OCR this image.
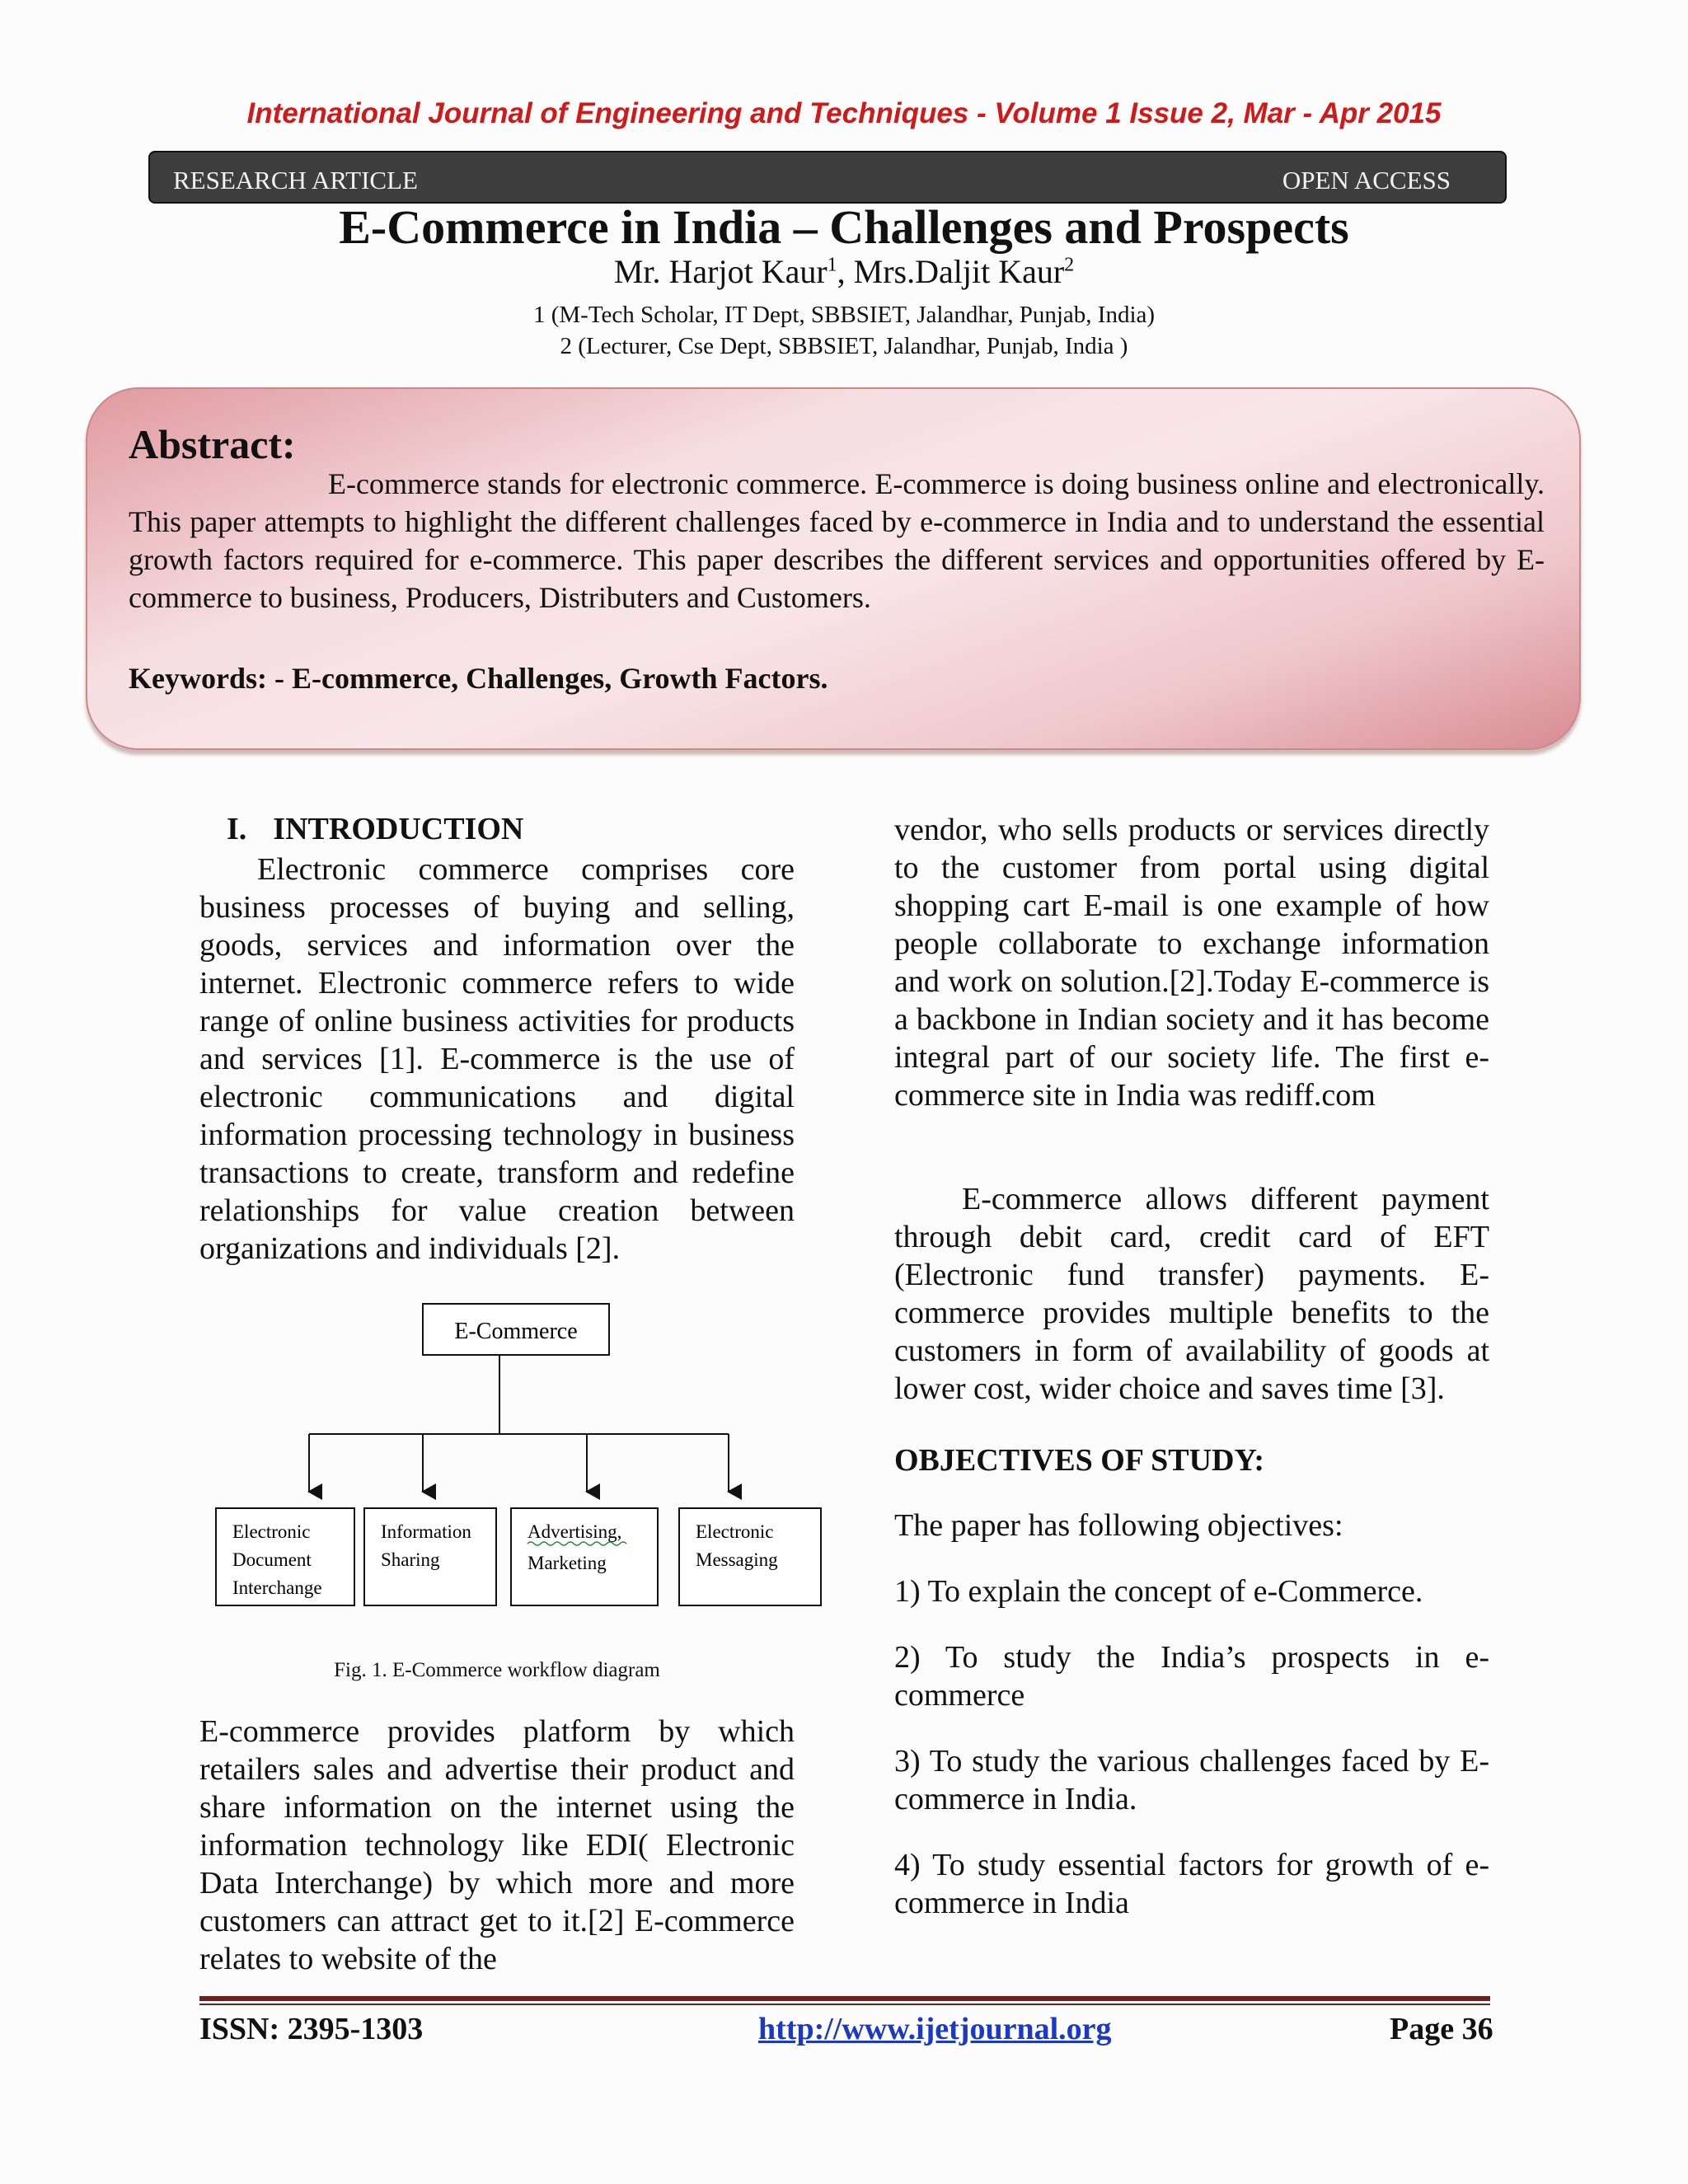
International Journal of Engineering and Techniques - Volume 1 Issue 2, Mar - Apr 2015
RESEARCH ARTICLE	OPEN ACCESS
E-Commerce in India – Challenges and Prospects
Mr. Harjot Kaur$^1$, Mrs.Daljit Kaur$^2$
1 (M-Tech Scholar, IT Dept, SBBSIET, Jalandhar, Punjab, India)
2 (Lecturer, Cse Dept, SBBSIET, Jalandhar, Punjab, India )
Abstract:
E-commerce stands for electronic commerce. E-commerce is doing business online and electronically. This paper attempts to highlight the different challenges faced by e-commerce in India and to understand the essential growth factors required for e-commerce. This paper describes the different services and opportunities offered by E-commerce to business, Producers, Distributers and Customers.
Keywords: - E-commerce, Challenges, Growth Factors.
I. INTRODUCTION
Electronic commerce comprises core business processes of buying and selling, goods, services and information over the internet. Electronic commerce refers to wide range of online business activities for products and services [1]. E-commerce is the use of electronic communications and digital information processing technology in business transactions to create, transform and redefine relationships for value creation between organizations and individuals [2].
E-Commerce
Electronic
Document
Interchange
Information
Sharing
Advertising,
Marketing
Electronic
Messaging
Fig. 1. E-Commerce workflow diagram
E-commerce provides platform by which retailers sales and advertise their product and share information on the internet using the information technology like EDI( Electronic Data Interchange) by which more and more customers can attract get to it.[2] E-commerce relates to website of the
vendor, who sells products or services directly to the customer from portal using digital shopping cart E-mail is one example of how people collaborate to exchange information and work on solution.[2].Today E-commerce is a backbone in Indian society and it has become integral part of our society life. The first e-commerce site in India was rediff.com
E-commerce allows different payment through debit card, credit card of EFT (Electronic fund transfer) payments. E-commerce provides multiple benefits to the customers in form of availability of goods at lower cost, wider choice and saves time [3].
OBJECTIVES OF STUDY:
The paper has following objectives:
1) To explain the concept of e-Commerce.
2) To study the India’s prospects in e-commerce
3) To study the various challenges faced by E-commerce in India.
4) To study essential factors for growth of e-commerce in India
ISSN: 2395-1303	http://www.ijetjournal.org	Page 36
